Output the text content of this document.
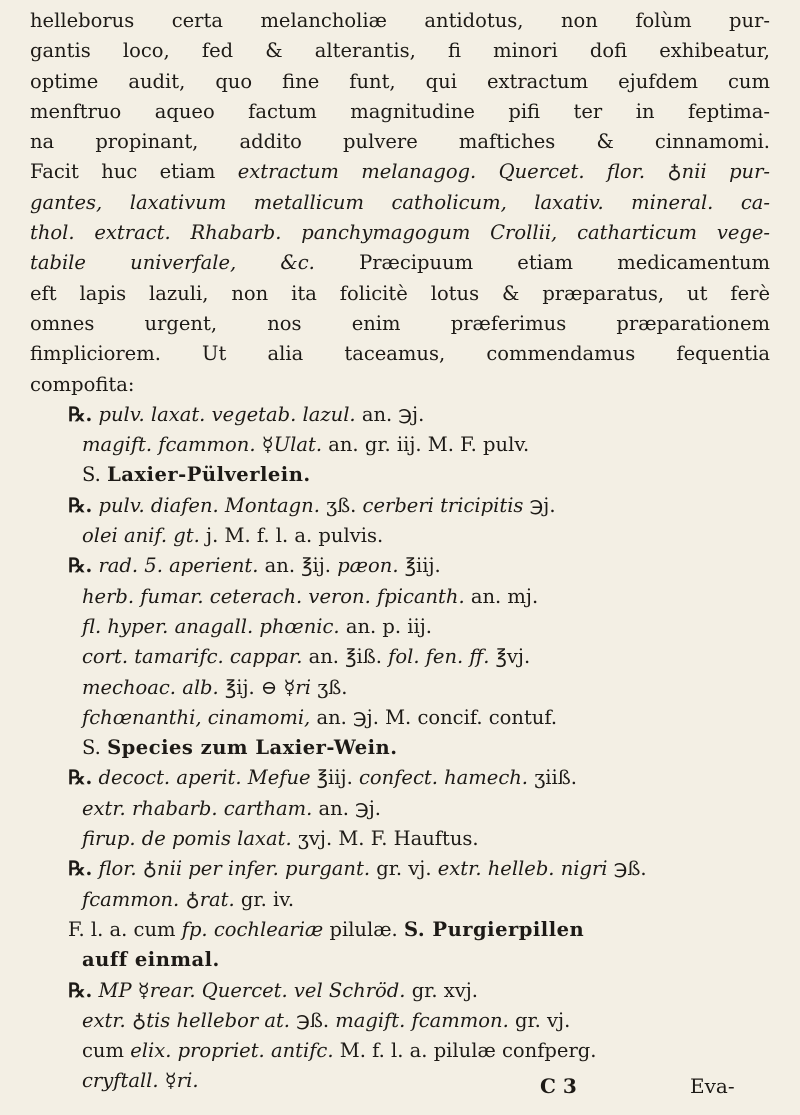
helleborus certa melancholiæ antidotus, non folùm pur-
gantis loco, fed & alterantis, fi minori dofi exhibeatur,
optime audit, quo fine funt, qui extractum ejufdem cum
menftruo aqueo factum magnitudine pifi ter in feptima-
na propinant, addito pulvere maftiches & cinnamomi.
Facit huc etiam extractum melanagog. Quercet. flor. ♁nii pur-
gantes, laxativum metallicum catholicum, laxativ. mineral. ca-
thol. extract. Rhabarb. panchymagogum Crollii, catharticum vege-
tabile univerfale, &c. Præcipuum etiam medicamentum
eft lapis lazuli, non ita folicitè lotus & præparatus, ut ferè
omnes urgent, nos enim præferimus præparationem
fimpliciorem. Ut alia taceamus, commendamus fequentia
compofita:
℞. pulv. laxat. vegetab. lazul. an. ℈j.
magift. fcammon. ☿Ulat. an. gr. iij. M. F. pulv.
S. Laxier-Pülverlein.
℞. pulv. diafen. Montagn. ʒß. cerberi tricipitis ℈j.
olei anif. gt. j. M. f. l. a. pulvis.
℞. rad. 5. aperient. an. ℥ij. pæon. ℥iij.
herb. fumar. ceterach. veron. fpicanth. an. mj.
fl. hyper. anagall. phœnic. an. p. iij.
cort. tamarifc. cappar. an. ℥iß. fol. fen. ff. ℥vj.
mechoac. alb. ℥ij. ⊖ ☿ri ʒß.
fchœnanthi, cinamomi, an. ℈j. M. concif. contuf.
S. Species zum Laxier-Wein.
℞. decoct. aperit. Mefue ℥iij. confect. hamech. ʒiiß.
extr. rhabarb. cartham. an. ℈j.
firup. de pomis laxat. ʒvj. M. F. Hauftus.
℞. flor. ♁nii per infer. purgant. gr. vj. extr. helleb. nigri ℈ß.
fcammon. ♁rat. gr. iv.
F. l. a. cum fp. cochleariæ pilulæ. S. Purgierpillen
auff einmal.
℞. MP ☿rear. Quercet. vel Schröd. gr. xvj.
extr. ♁tis hellebor at. ℈ß. magift. fcammon. gr. vj.
cum elix. propriet. antifc. M. f. l. a. pilulæ confperg.
cryftall. ☿ri.	C 3	Eva-
